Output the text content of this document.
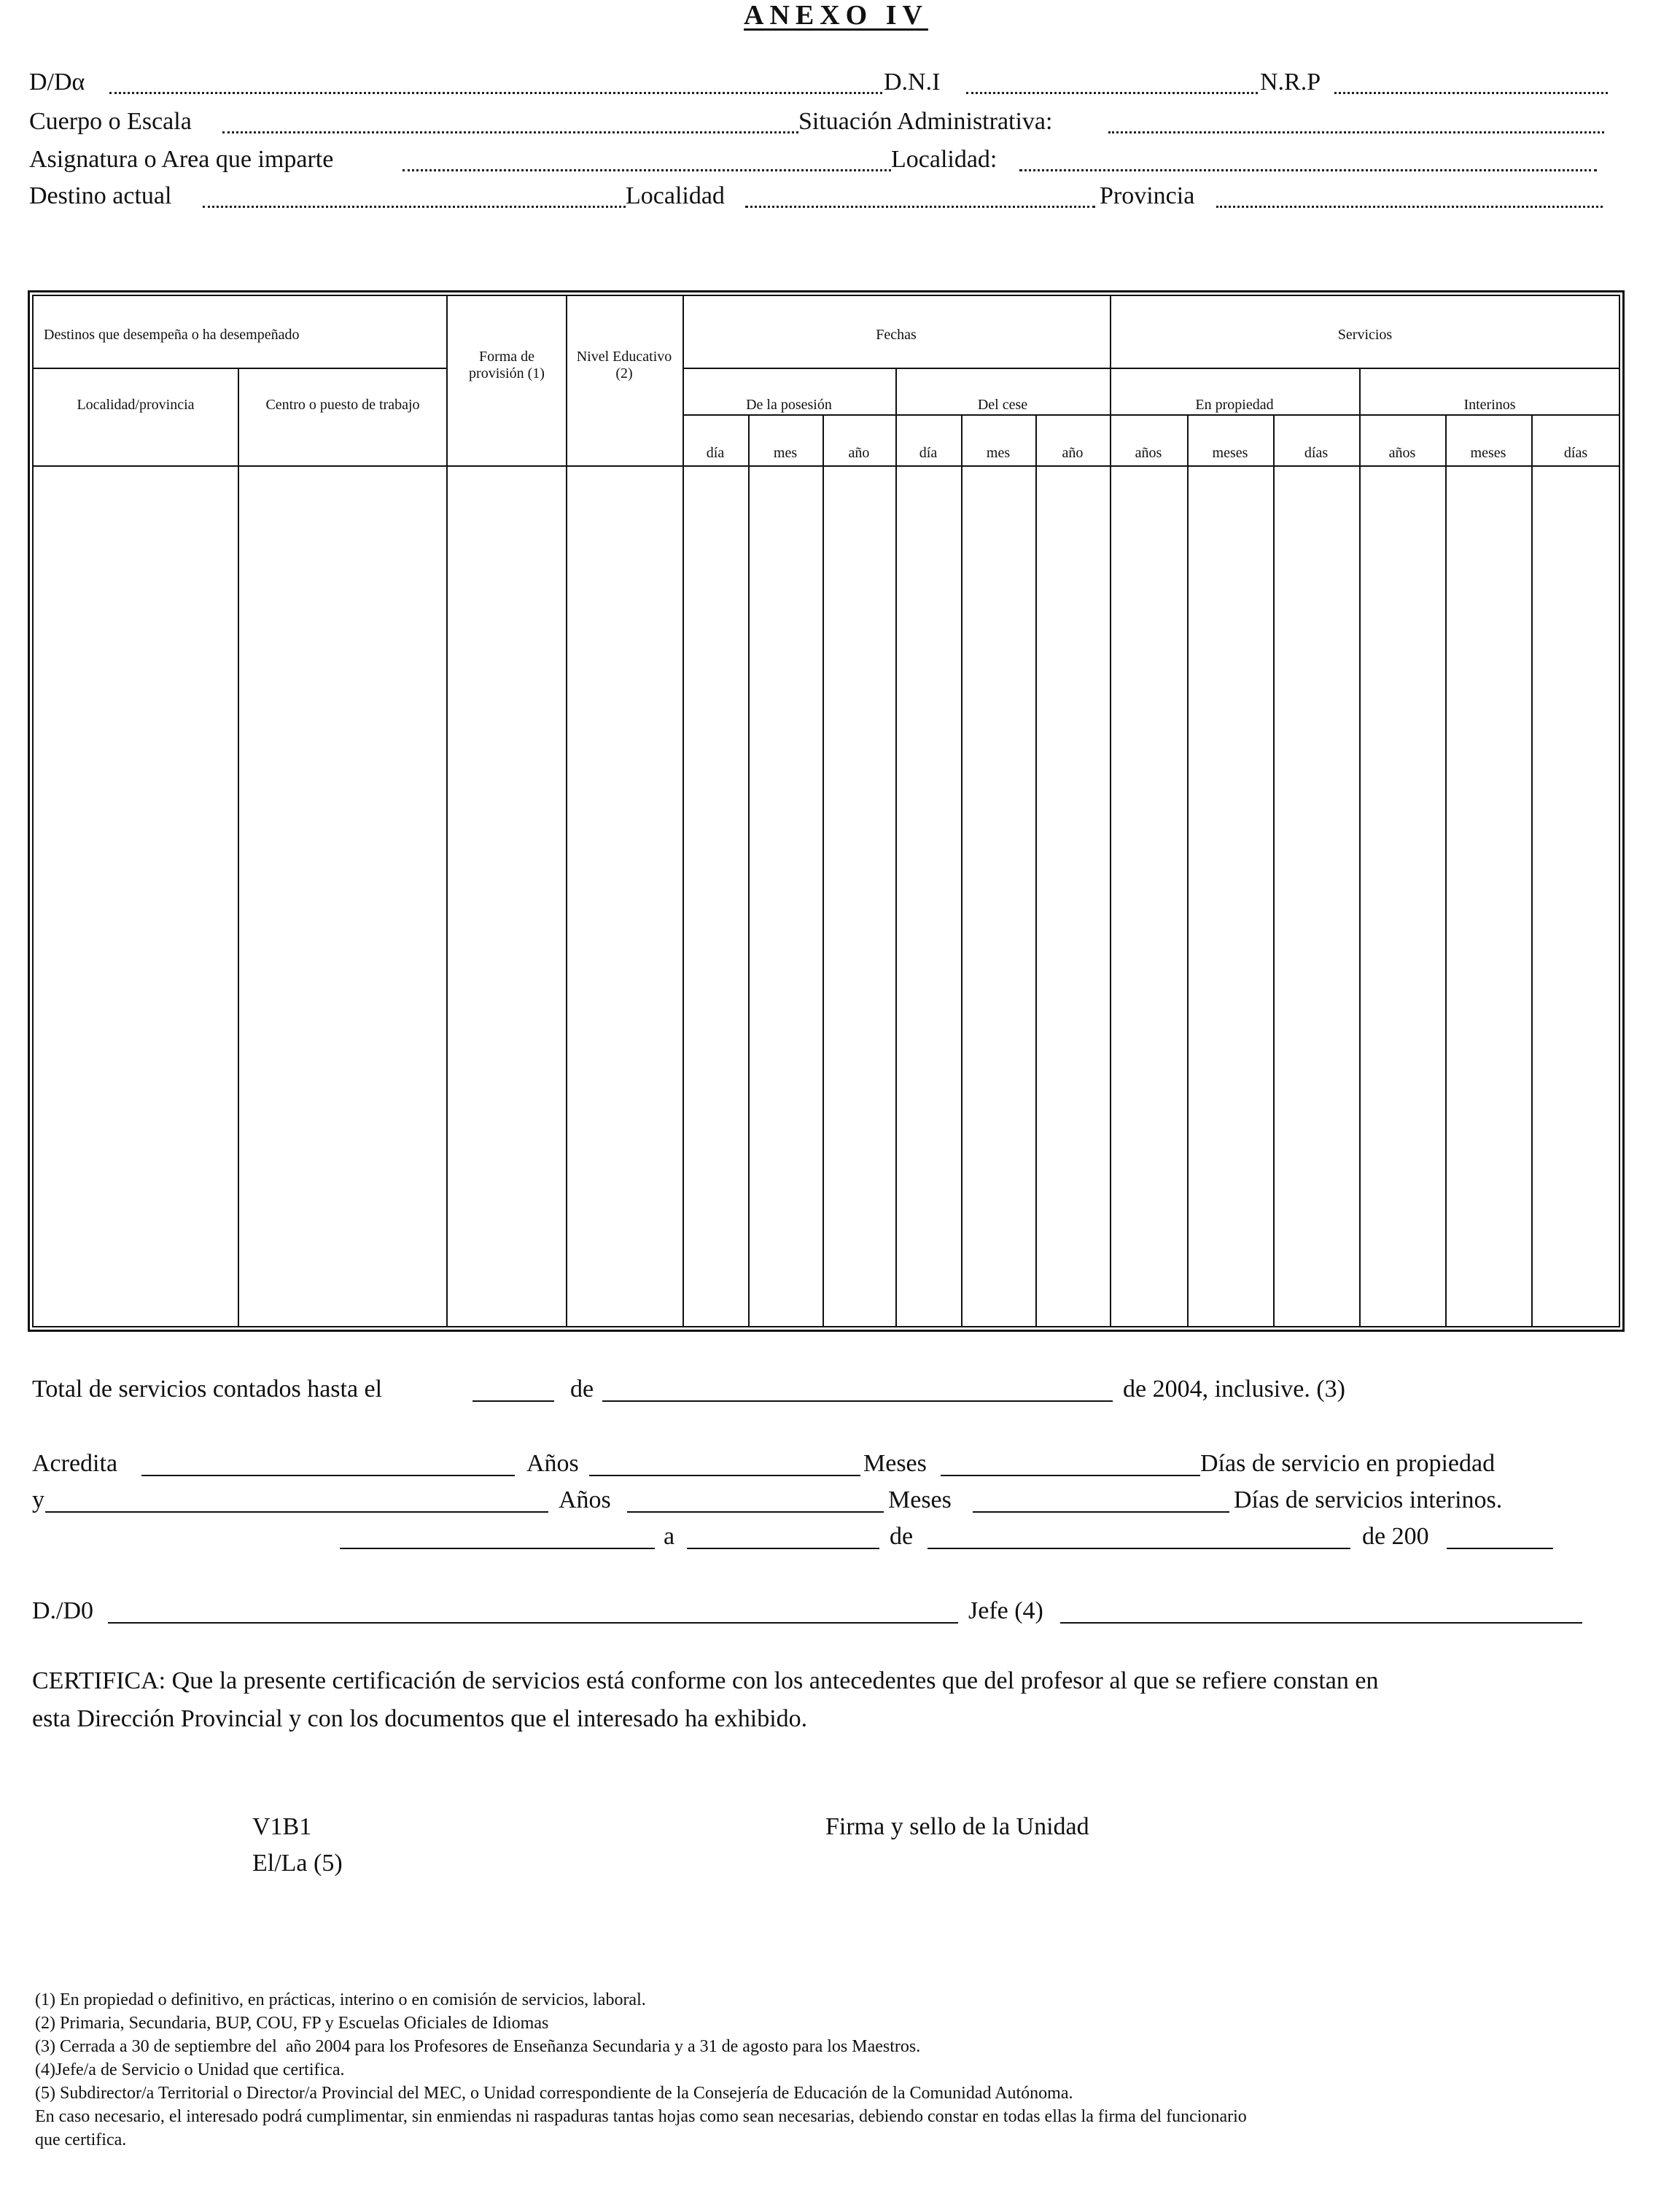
ANEXO IV
D/Dα	D.N.I	N.R.P
Cuerpo o Escala	Situación Administrativa:
Asignatura o Area que imparte	Localidad:
Destino actual	Localidad	Provincia
Destinos que desempeña o ha desempeñado
Localidad/provincia	Centro o puesto de trabajo
Forma de provisión (1)
Nivel Educativo (2)
Fechas	Servicios
De la posesión	Del cese	En propiedad	Interinos
día	mes	año	día	mes	año	años	meses	días	años	meses	días
Total de servicios contados hasta el	de	de 2004, inclusive. (3)
Acredita	Años	Meses	Días de servicio en propiedad
y	Años	Meses	Días de servicios interinos.
a	de	de 200
D./D0	Jefe (4)
CERTIFICA: Que la presente certificación de servicios está conforme con los antecedentes que del profesor al que se refiere constan en
esta Dirección Provincial y con los documentos que el interesado ha exhibido.
V1B1
El/La (5)
Firma y sello de la Unidad
(1) En propiedad o definitivo, en prácticas, interino o en comisión de servicios, laboral.
(2) Primaria, Secundaria, BUP, COU, FP y Escuelas Oficiales de Idiomas
(3) Cerrada a 30 de septiembre del  año 2004 para los Profesores de Enseñanza Secundaria y a 31 de agosto para los Maestros.
(4)Jefe/a de Servicio o Unidad que certifica.
(5) Subdirector/a Territorial o Director/a Provincial del MEC, o Unidad correspondiente de la Consejería de Educación de la Comunidad Autónoma.
En caso necesario, el interesado podrá cumplimentar, sin enmiendas ni raspaduras tantas hojas como sean necesarias, debiendo constar en todas ellas la firma del funcionario
que certifica.
